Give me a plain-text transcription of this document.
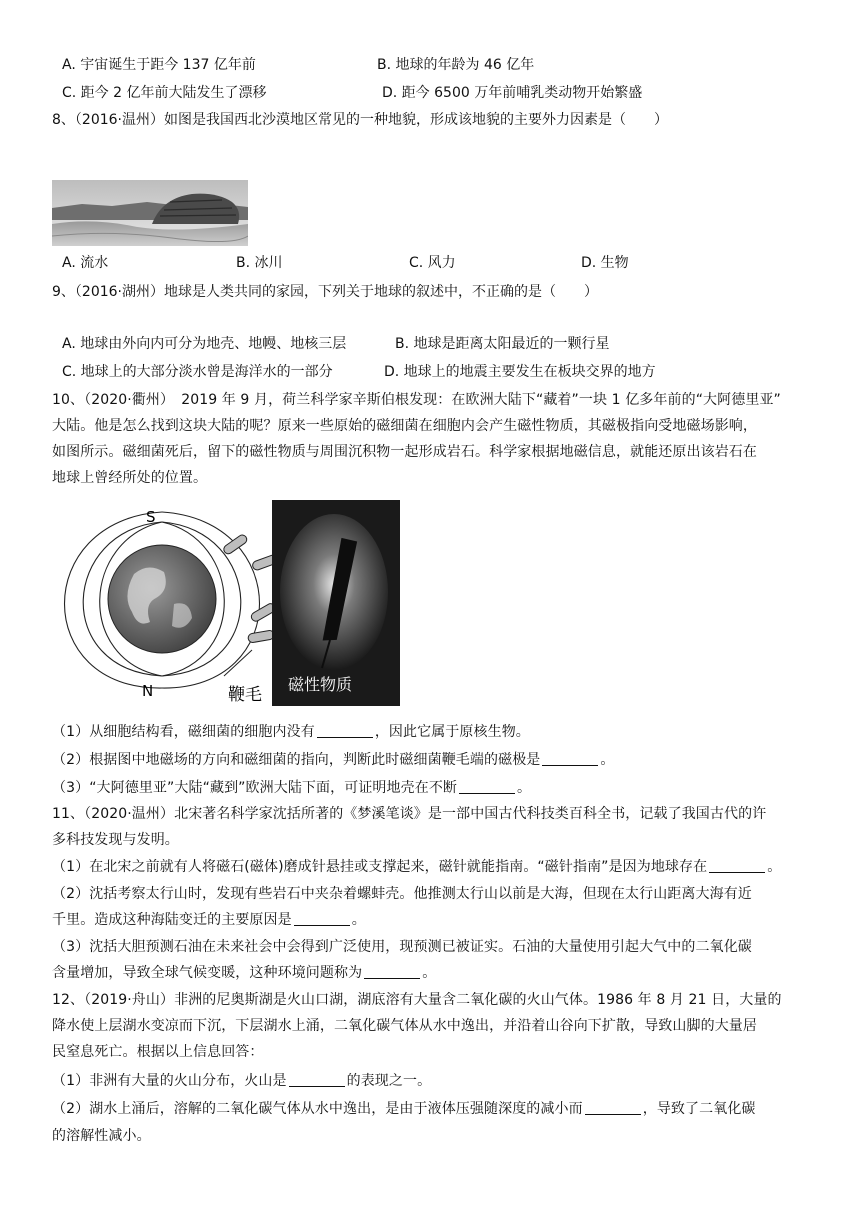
A. 宇宙诞生于距今 137 亿年前	B. 地球的年龄为 46 亿年
C. 距今 2 亿年前大陆发生了漂移	D. 距今 6500 万年前哺乳类动物开始繁盛
8、（2016·温州）如图是我国西北沙漠地区常见的一种地貌，形成该地貌的主要外力因素是（　　）
A. 流水	B. 冰川	C. 风力	D. 生物
9、（2016·湖州）地球是人类共同的家园，下列关于地球的叙述中，不正确的是（　　）
A. 地球由外向内可分为地壳、地幔、地核三层	B. 地球是距离太阳最近的一颗行星
C. 地球上的大部分淡水曾是海洋水的一部分	D. 地球上的地震主要发生在板块交界的地方
10、（2020·衢州）　2019 年 9 月，荷兰科学家辛斯伯根发现：在欧洲大陆下“藏着”一块 1 亿多年前的“大阿德里亚”
大陆。他是怎么找到这块大陆的呢？原来一些原始的磁细菌在细胞内会产生磁性物质，其磁极指向受地磁场影响，
如图所示。磁细菌死后，留下的磁性物质与周围沉积物一起形成岩石。科学家根据地磁信息，就能还原出该岩石在
地球上曾经所处的位置。
S
N	鞭毛
磁性物质
（1）从细胞结构看，磁细菌的细胞内没有	，因此它属于原核生物。
（2）根据图中地磁场的方向和磁细菌的指向，判断此时磁细菌鞭毛端的磁极是	。
（3）“大阿德里亚”大陆“藏到”欧洲大陆下面，可证明地壳在不断	。
11、（2020·温州）北宋著名科学家沈括所著的《梦溪笔谈》是一部中国古代科技类百科全书，记载了我国古代的许
多科技发现与发明。
（1）在北宋之前就有人将磁石(磁体)磨成针悬挂或支撑起来，磁针就能指南。“磁针指南”是因为地球存在	。
（2）沈括考察太行山时，发现有些岩石中夹杂着螺蚌壳。他推测太行山以前是大海，但现在太行山距离大海有近
千里。造成这种海陆变迁的主要原因是	。
（3）沈括大胆预测石油在未来社会中会得到广泛使用，现预测已被证实。石油的大量使用引起大气中的二氧化碳
含量增加，导致全球气候变暖，这种环境问题称为	。
12、（2019·舟山）非洲的尼奥斯湖是火山口湖，湖底溶有大量含二氧化碳的火山气体。1986 年 8 月 21 日，大量的
降水使上层湖水变凉而下沉，下层湖水上涌，二氧化碳气体从水中逸出，并沿着山谷向下扩散，导致山脚的大量居
民窒息死亡。根据以上信息回答：
（1）非洲有大量的火山分布，火山是	的表现之一。
（2）湖水上涌后，溶解的二氧化碳气体从水中逸出，是由于液体压强随深度的减小而	，导致了二氧化碳
的溶解性减小。
